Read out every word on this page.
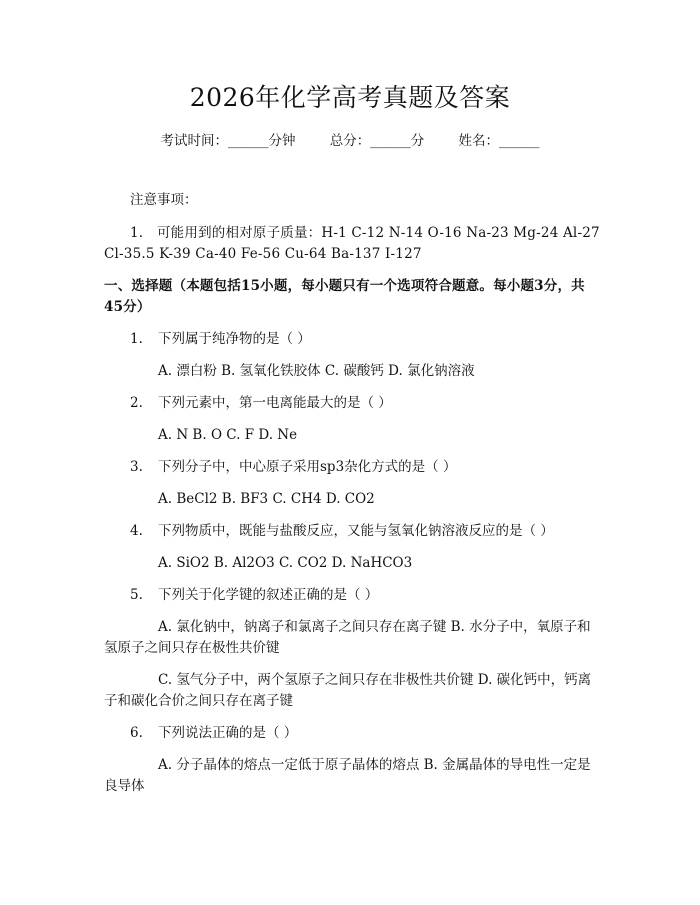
2026年化学高考真题及答案
考试时间：______分钟	总分：______分	姓名：______
注意事项：
1.　可能用到的相对原子质量：H-1 C-12 N-14 O-16 Na-23 Mg-24 Al-27 Cl-35.5 K-39 Ca-40 Fe-56 Cu-64 Ba-137 I-127
一、选择题（本题包括15小题，每小题只有一个选项符合题意。每小题3分，共45分）
1. 下列属于纯净物的是（ ）
A. 漂白粉 B. 氢氧化铁胶体 C. 碳酸钙 D. 氯化钠溶液
2. 下列元素中，第一电离能最大的是（ ）
A. N B. O C. F D. Ne
3. 下列分子中，中心原子采用sp3杂化方式的是（ ）
A. BeCl2 B. BF3 C. CH4 D. CO2
4. 下列物质中，既能与盐酸反应，又能与氢氧化钠溶液反应的是（ ）
A. SiO2 B. Al2O3 C. CO2 D. NaHCO3
5. 下列关于化学键的叙述正确的是（ ）
A. 氯化钠中，钠离子和氯离子之间只存在离子键 B. 水分子中，氧原子和氢原子之间只存在极性共价键
C. 氢气分子中，两个氢原子之间只存在非极性共价键 D. 碳化钙中，钙离子和碳化合价之间只存在离子键
6. 下列说法正确的是（ ）
A. 分子晶体的熔点一定低于原子晶体的熔点 B. 金属晶体的导电性一定是良导体
